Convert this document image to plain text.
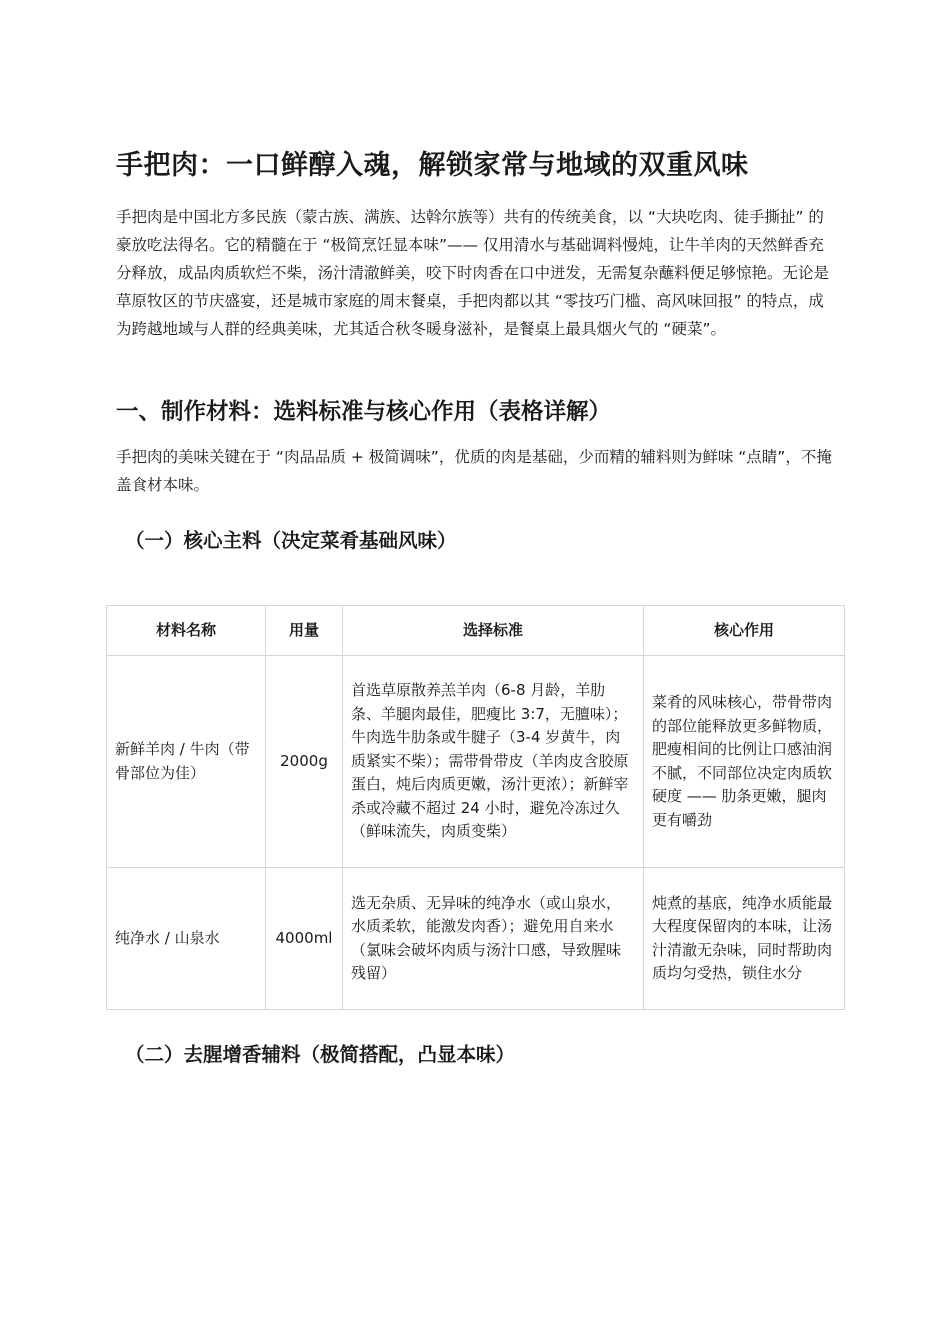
手把肉：一口鲜醇入魂，解锁家常与地域的双重风味

手把肉是中国北方多民族（蒙古族、满族、达斡尔族等）共有的传统美食，以 “大块吃肉、徒手撕扯” 的豪放吃法得名。它的精髓在于 “极简烹饪显本味”—— 仅用清水与基础调料慢炖，让牛羊肉的天然鲜香充分释放，成品肉质软烂不柴，汤汁清澈鲜美，咬下时肉香在口中迸发，无需复杂蘸料便足够惊艳。无论是草原牧区的节庆盛宴，还是城市家庭的周末餐桌，手把肉都以其 “零技巧门槛、高风味回报” 的特点，成为跨越地域与人群的经典美味，尤其适合秋冬暖身滋补，是餐桌上最具烟火气的 “硬菜”。

一、制作材料：选料标准与核心作用（表格详解）

手把肉的美味关键在于 “肉品品质 + 极简调味”，优质的肉是基础，少而精的辅料则为鲜味 “点睛”，不掩盖食材本味。

（一）核心主料（决定菜肴基础风味）
材料名称	用量	选择标准	核心作用
新鲜羊肉 / 牛肉（带骨部位为佳）	2000g	首选草原散养羔羊肉（6-8 月龄，羊肋条、羊腿肉最佳，肥瘦比 3:7，无膻味）；牛肉选牛肋条或牛腱子（3-4 岁黄牛，肉质紧实不柴）；需带骨带皮（羊肉皮含胶原蛋白，炖后肉质更嫩，汤汁更浓）；新鲜宰杀或冷藏不超过 24 小时，避免冷冻过久（鲜味流失，肉质变柴）	菜肴的风味核心，带骨带肉的部位能释放更多鲜物质，肥瘦相间的比例让口感油润不腻，不同部位决定肉质软硬度 —— 肋条更嫩，腿肉更有嚼劲
纯净水 / 山泉水	4000ml	选无杂质、无异味的纯净水（或山泉水，水质柔软，能激发肉香）；避免用自来水（氯味会破坏肉质与汤汁口感，导致腥味残留）	炖煮的基底，纯净水质能最大程度保留肉的本味，让汤汁清澈无杂味，同时帮助肉质均匀受热，锁住水分
（二）去腥增香辅料（极简搭配，凸显本味）
